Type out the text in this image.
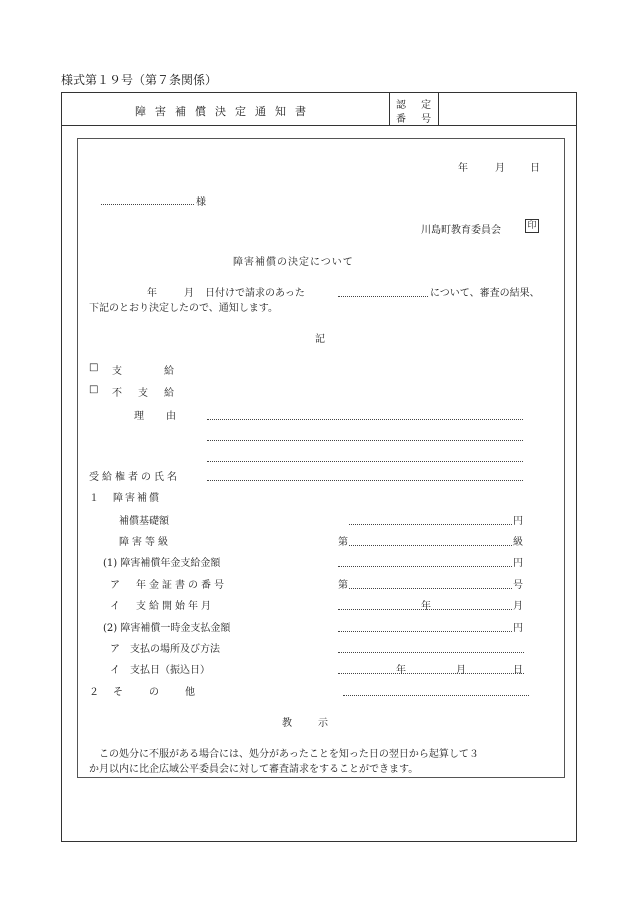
様式第１９号（第７条関係）
障害補償決定通知書	認 定
番 号
年	月	日
様
川島町教育委員会	印
障害補償の決定について
年	月 日付けで請求のあった	について、審査の結果、
下記のとおり決定したので、通知します。
記
□ 支　　　給
□ 不　支　給
理　由
受給権者の氏名
１　障害補償
補償基礎額	円
障害等級	第	級
(1) 障害補償年金支給金額	円
ア　年金証書の番号	第	号
イ　支給開始年月	年	月
(2) 障害補償一時金支払金額	円
ア　支払の場所及び方法
イ　支払日（振込日）	年	月	日
２　そ　　の　　他
教　　示
この処分に不服がある場合には、処分があったことを知った日の翌日から起算して３
か月以内に比企広域公平委員会に対して審査請求をすることができます。
